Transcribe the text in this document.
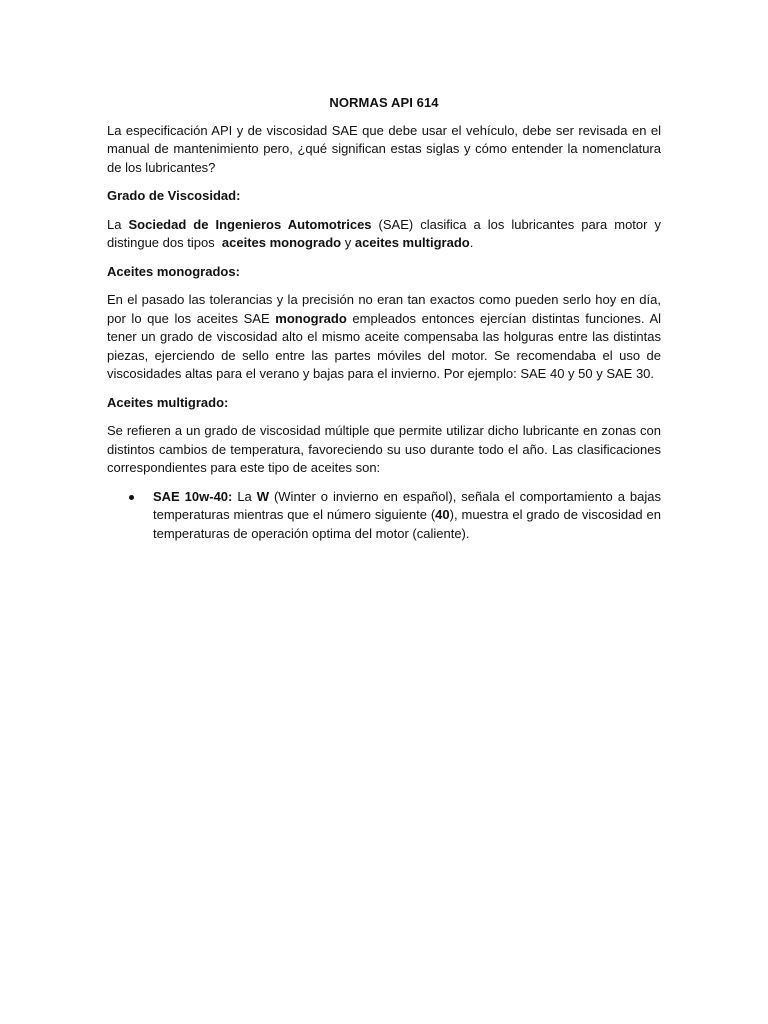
NORMAS API 614

La especificación API y de viscosidad SAE que debe usar el vehículo, debe ser revisada en el manual de mantenimiento pero, ¿qué significan estas siglas y cómo entender la nomenclatura de los lubricantes?

Grado de Viscosidad:

La Sociedad de Ingenieros Automotrices (SAE) clasifica a los lubricantes para motor y distingue dos tipos  aceites monogrado y aceites multigrado.

Aceites monogrados:

En el pasado las tolerancias y la precisión no eran tan exactos como pueden serlo hoy en día, por lo que los aceites SAE monogrado empleados entonces ejercían distintas funciones. Al tener un grado de viscosidad alto el mismo aceite compensaba las holguras entre las distintas piezas, ejerciendo de sello entre las partes móviles del motor. Se recomendaba el uso de viscosidades altas para el verano y bajas para el invierno. Por ejemplo: SAE 40 y 50 y SAE 30.

Aceites multigrado:

Se refieren a un grado de viscosidad múltiple que permite utilizar dicho lubricante en zonas con distintos cambios de temperatura, favoreciendo su uso durante todo el año. Las clasificaciones correspondientes para este tipo de aceites son:

SAE 10w-40: La W (Winter o invierno en español), señala el comportamiento a bajas temperaturas mientras que el número siguiente (40), muestra el grado de viscosidad en temperaturas de operación optima del motor (caliente).
